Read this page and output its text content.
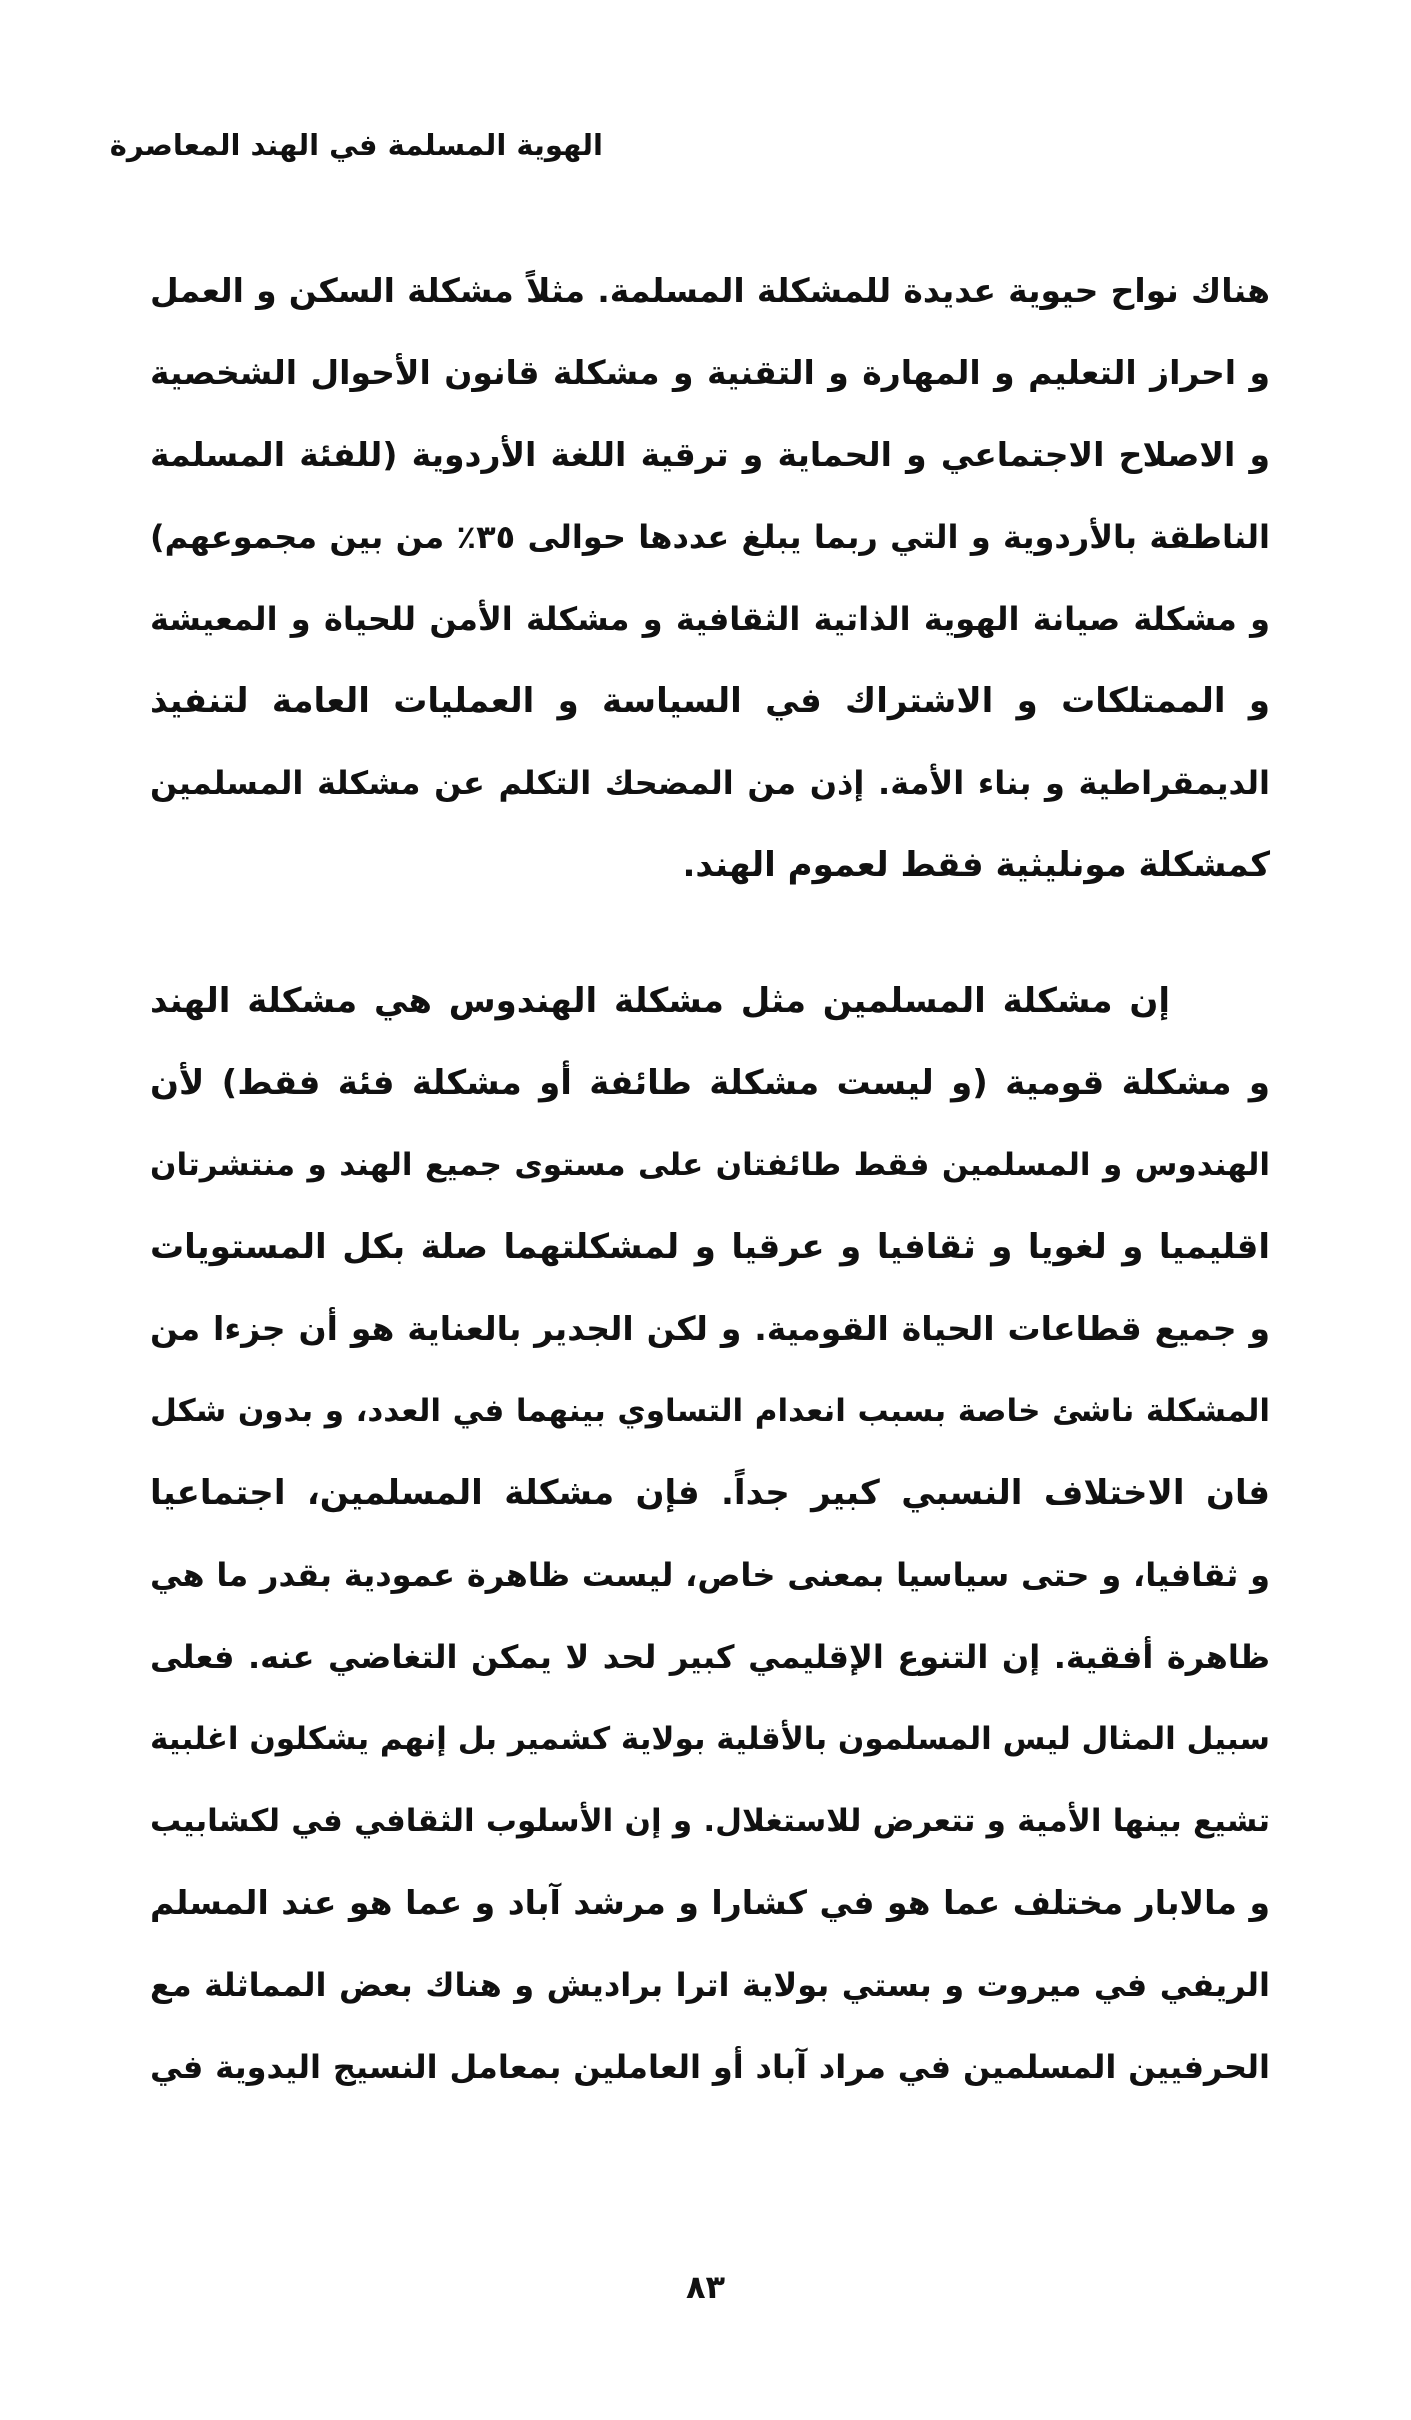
الهوية المسلمة في الهند المعاصرة
هناك نواح حيوية عديدة للمشكلة المسلمة. مثلاً مشكلة السكن و العمل
و احراز التعليم و المهارة و التقنية و مشكلة قانون الأحوال الشخصية
و الاصلاح الاجتماعي و الحماية و ترقية اللغة الأردوية (للفئة المسلمة
الناطقة بالأردوية و التي ربما يبلغ عددها حوالى ٣٥٪ من بين مجموعهم)
و مشكلة صيانة الهوية الذاتية الثقافية و مشكلة الأمن للحياة و المعيشة
و الممتلكات و الاشتراك في السياسة و العمليات العامة لتنفيذ
الديمقراطية و بناء الأمة. إذن من المضحك التكلم عن مشكلة المسلمين
كمشكلة مونليثية فقط لعموم الهند.
إن مشكلة المسلمين مثل مشكلة الهندوس هي مشكلة الهند
و مشكلة قومية (و ليست مشكلة طائفة أو مشكلة فئة فقط) لأن
الهندوس و المسلمين فقط طائفتان على مستوى جميع الهند و منتشرتان
اقليميا و لغويا و ثقافيا و عرقيا و لمشكلتهما صلة بكل المستويات
و جميع قطاعات الحياة القومية. و لكن الجدير بالعناية هو أن جزءا من
المشكلة ناشئ خاصة بسبب انعدام التساوي بينهما في العدد، و بدون شكل
فان الاختلاف النسبي كبير جداً. فإن مشكلة المسلمين، اجتماعيا
و ثقافيا، و حتى سياسيا بمعنى خاص، ليست ظاهرة عمودية بقدر ما هي
ظاهرة أفقية. إن التنوع الإقليمي كبير لحد لا يمكن التغاضي عنه. فعلى
سبيل المثال ليس المسلمون بالأقلية بولاية كشمير بل إنهم يشكلون اغلبية
تشيع بينها الأمية و تتعرض للاستغلال. و إن الأسلوب الثقافي في لكشابيب
و مالابار مختلف عما هو في كشارا و مرشد آباد و عما هو عند المسلم
الريفي في ميروت و بستي بولاية اترا براديش و هناك بعض المماثلة مع
الحرفيين المسلمين في مراد آباد أو العاملين بمعامل النسيج اليدوية في
٨٣
